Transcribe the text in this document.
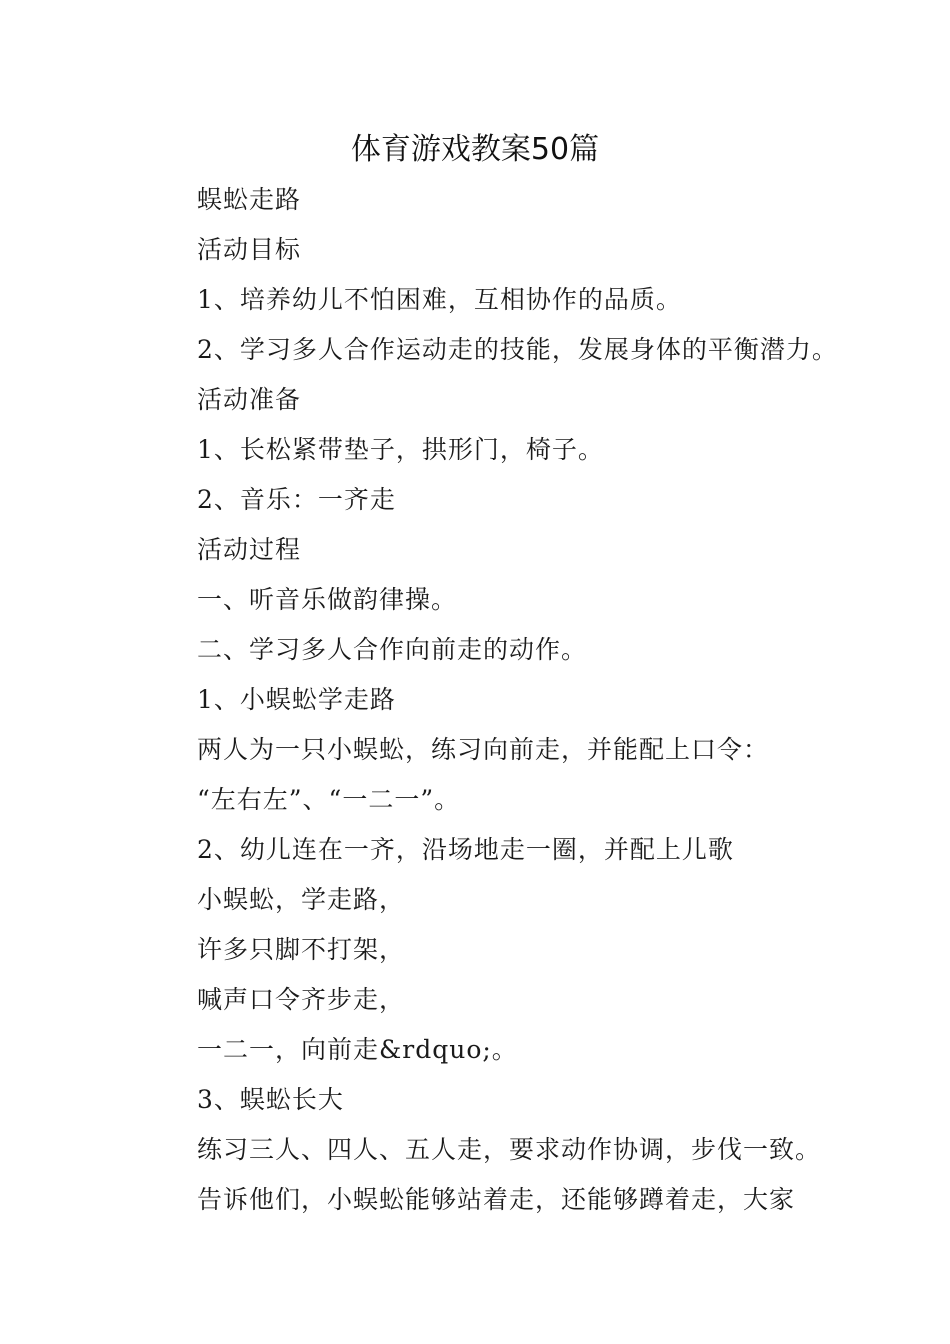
体育游戏教案50篇
蜈蚣走路
活动目标
1、培养幼儿不怕困难，互相协作的品质。
2、学习多人合作运动走的技能，发展身体的平衡潜力。
活动准备
1、长松紧带垫子，拱形门，椅子。
2、音乐：一齐走
活动过程
一、听音乐做韵律操。
二、学习多人合作向前走的动作。
1、小蜈蚣学走路
两人为一只小蜈蚣，练习向前走，并能配上口令：
“左右左”、“一二一”。
2、幼儿连在一齐，沿场地走一圈，并配上儿歌
小蜈蚣，学走路，
许多只脚不打架，
喊声口令齐步走，
一二一，向前走&rdquo;。
3、蜈蚣长大
练习三人、四人、五人走，要求动作协调，步伐一致。
告诉他们，小蜈蚣能够站着走，还能够蹲着走，大家
